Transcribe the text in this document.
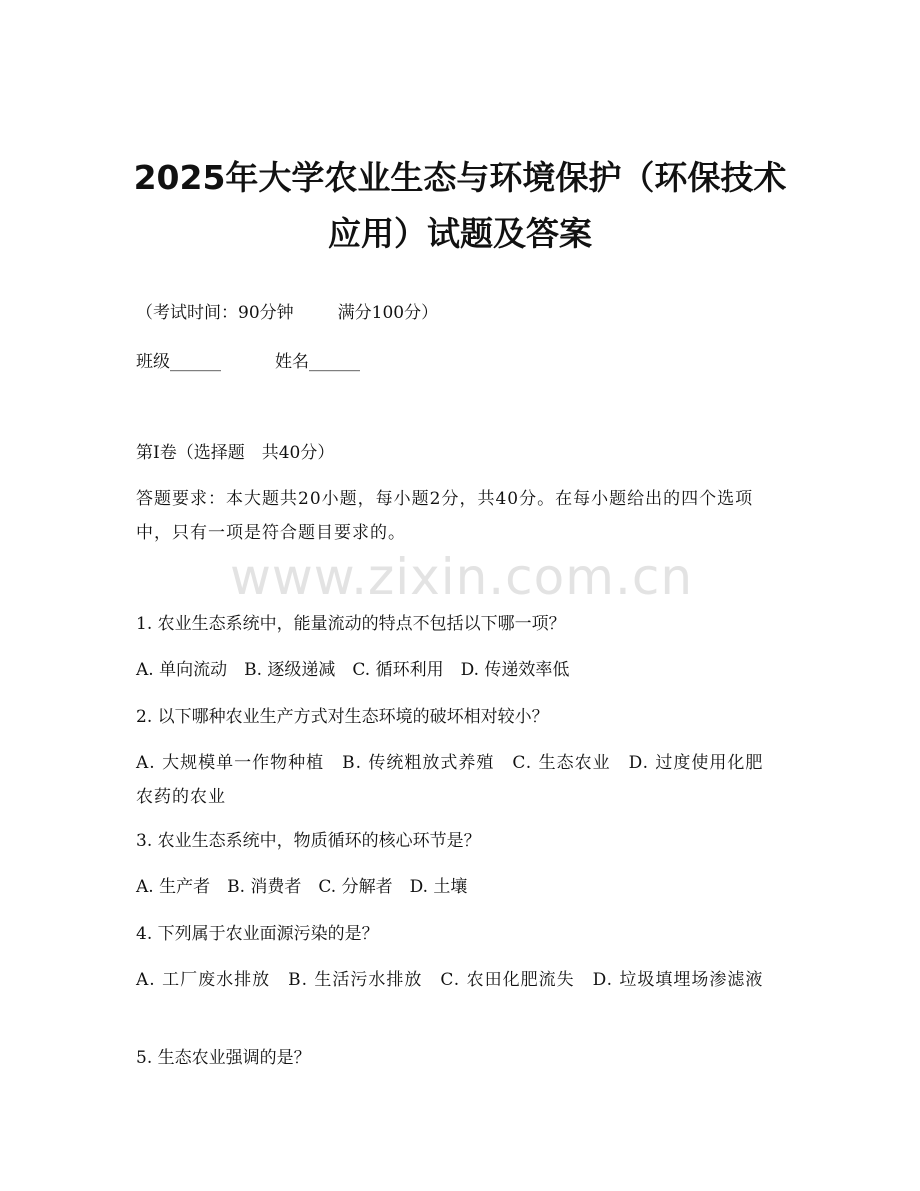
2025年大学农业生态与环境保护（环保技术
应用）试题及答案
（考试时间：90分钟	满分100分）
班级______	姓名______
第I卷（选择题　共40分）
答题要求：本大题共20小题，每小题2分，共40分。在每小题给出的四个选项中，只有一项是符合题目要求的。
www.zixin.com.cn
1. 农业生态系统中，能量流动的特点不包括以下哪一项？
A. 单向流动　B. 逐级递减　C. 循环利用　D. 传递效率低
2. 以下哪种农业生产方式对生态环境的破坏相对较小？
A. 大规模单一作物种植　B. 传统粗放式养殖　C. 生态农业　D. 过度使用化肥农药的农业
3. 农业生态系统中，物质循环的核心环节是？
A. 生产者　B. 消费者　C. 分解者　D. 土壤
4. 下列属于农业面源污染的是？
A. 工厂废水排放　B. 生活污水排放　C. 农田化肥流失　D. 垃圾填埋场渗滤液
5. 生态农业强调的是？
